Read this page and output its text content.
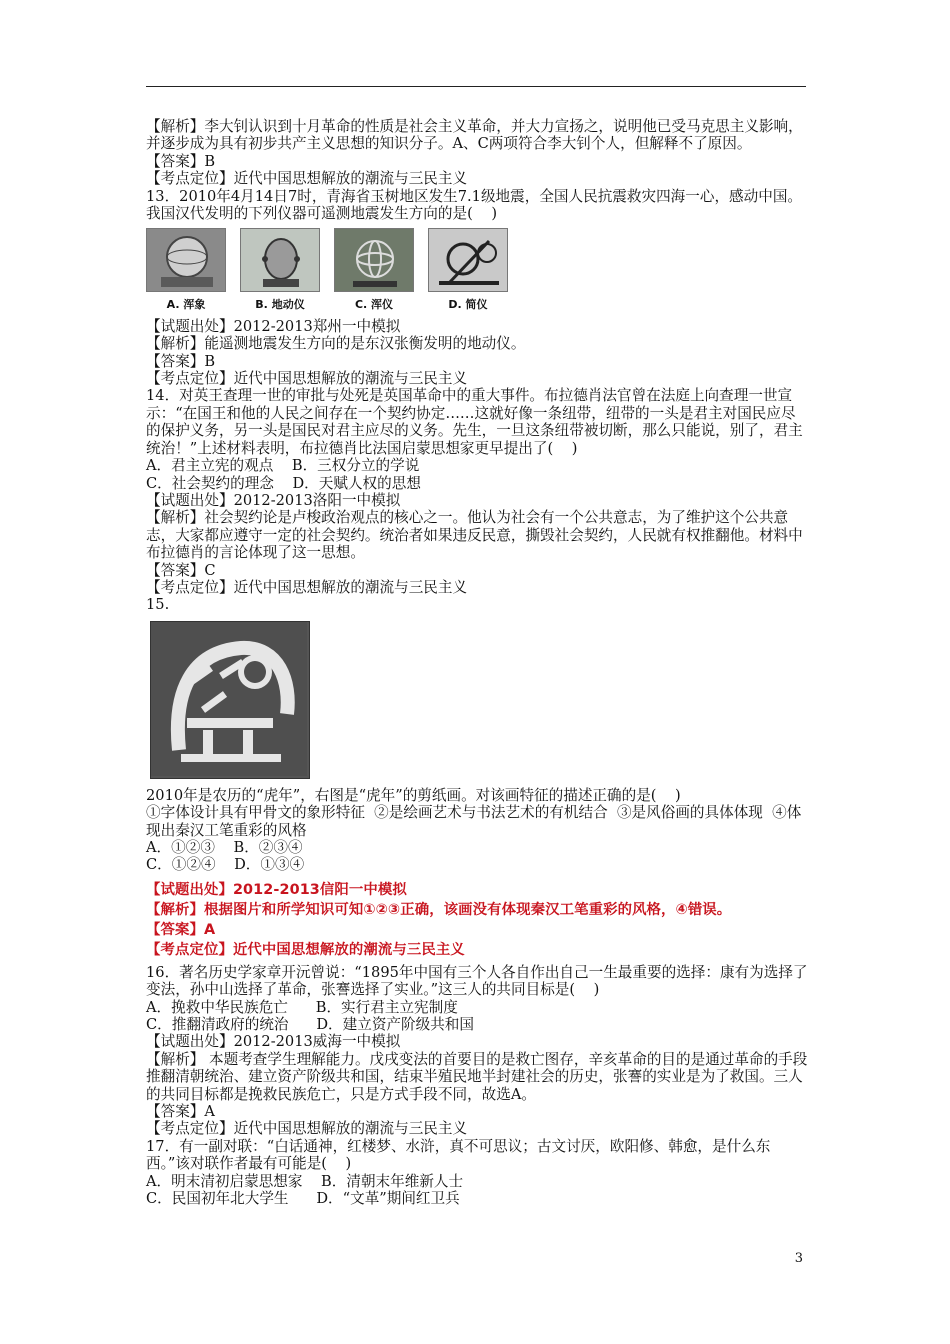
【解析】李大钊认识到十月革命的性质是社会主义革命，并大力宣扬之，说明他已受马克思主义影响，并逐步成为具有初步共产主义思想的知识分子。A、C两项符合李大钊个人，但解释不了原因。

【答案】B

【考点定位】近代中国思想解放的潮流与三民主义

13．2010年4月14日7时，青海省玉树地区发生7.1级地震，全国人民抗震救灾四海一心，感动中国。我国汉代发明的下列仪器可遥测地震发生方向的是(    )

A. 浑象	B. 地动仪	C. 浑仪	D. 简仪

【试题出处】2012-2013郑州一中模拟

【解析】能遥测地震发生方向的是东汉张衡发明的地动仪。

【答案】B

【考点定位】近代中国思想解放的潮流与三民主义

14．对英王查理一世的审批与处死是英国革命中的重大事件。布拉德肖法官曾在法庭上向查理一世宣示：“在国王和他的人民之间存在一个契约协定……这就好像一条纽带，纽带的一头是君主对国民应尽的保护义务，另一头是国民对君主应尽的义务。先生，一旦这条纽带被切断，那么只能说，别了，君主统治！”上述材料表明，布拉德肖比法国启蒙思想家更早提出了(    )

A．君主立宪的观点    B．三权分立的学说

C．社会契约的理念    D．天赋人权的思想

【试题出处】2012-2013洛阳一中模拟

【解析】社会契约论是卢梭政治观点的核心之一。他认为社会有一个公共意志，为了维护这个公共意志，大家都应遵守一定的社会契约。统治者如果违反民意，撕毁社会契约，人民就有权推翻他。材料中布拉德肖的言论体现了这一思想。

【答案】C

【考点定位】近代中国思想解放的潮流与三民主义

15.

2010年是农历的“虎年”，右图是“虎年”的剪纸画。对该画特征的描述正确的是(    )

①字体设计具有甲骨文的象形特征  ②是绘画艺术与书法艺术的有机结合  ③是风俗画的具体体现  ④体现出秦汉工笔重彩的风格

A．①②③    B．②③④

C．①②④    D．①③④

【试题出处】2012-2013信阳一中模拟

【解析】根据图片和所学知识可知①②③正确，该画没有体现秦汉工笔重彩的风格，④错误。

【答案】A

【考点定位】近代中国思想解放的潮流与三民主义

16．著名历史学家章开沅曾说：“1895年中国有三个人各自作出自己一生最重要的选择：康有为选择了变法，孙中山选择了革命，张謇选择了实业。”这三人的共同目标是(    )

A．挽救中华民族危亡      B．实行君主立宪制度

C．推翻清政府的统治      D．建立资产阶级共和国

【试题出处】2012-2013威海一中模拟

【解析】 本题考查学生理解能力。戊戌变法的首要目的是救亡图存，辛亥革命的目的是通过革命的手段推翻清朝统治、建立资产阶级共和国，结束半殖民地半封建社会的历史，张謇的实业是为了救国。三人的共同目标都是挽救民族危亡，只是方式手段不同，故选A。

【答案】A

【考点定位】近代中国思想解放的潮流与三民主义

17．有一副对联：“白话通神，红楼梦、水浒，真不可思议；古文讨厌，欧阳修、韩愈，是什么东西。”该对联作者最有可能是(    )

A．明末清初启蒙思想家    B．清朝末年维新人士

C．民国初年北大学生      D．“文革”期间红卫兵

3
